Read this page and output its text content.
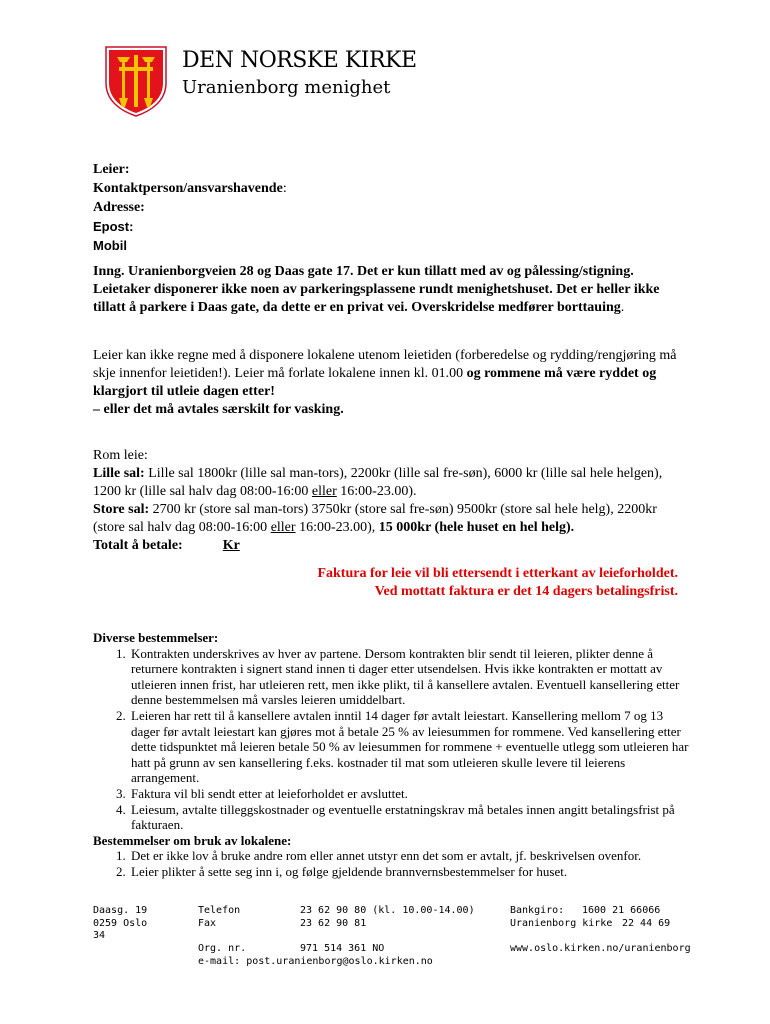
DEN NORSKE KIRKE
Uranienborg menighet
Leier:
Kontaktperson/ansvarshavende:
Adresse:
Epost:
Mobil
Inng. Uranienborgveien 28 og Daas gate 17. Det er kun tillatt med av og pålessing/stigning. Leietaker disponerer ikke noen av parkeringsplassene rundt menighetshuset. Det er heller ikke tillatt å parkere i Daas gate, da dette er en privat vei. Overskridelse medfører borttauing.
Leier kan ikke regne med å disponere lokalene utenom leietiden (forberedelse og rydding/rengjøring må skje innenfor leietiden!). Leier må forlate lokalene innen kl. 01.00 og rommene må være ryddet og klargjort til utleie dagen etter!
– eller det må avtales særskilt for vasking.
Rom leie:
Lille sal: Lille sal 1800kr (lille sal man-tors), 2200kr (lille sal fre-søn), 6000 kr (lille sal hele helgen), 1200 kr (lille sal halv dag 08:00-16:00 eller 16:00-23.00).
Store sal: 2700 kr (store sal man-tors) 3750kr (store sal fre-søn) 9500kr (store sal hele helg), 2200kr (store sal halv dag 08:00-16:00 eller 16:00-23.00), 15 000kr (hele huset en hel helg).
Totalt å betale:	Kr
Faktura for leie vil bli ettersendt i etterkant av leieforholdet.
Ved mottatt faktura er det 14 dagers betalingsfrist.
Diverse bestemmelser:
1. Kontrakten underskrives av hver av partene. Dersom kontrakten blir sendt til leieren, plikter denne å returnere kontrakten i signert stand innen ti dager etter utsendelsen. Hvis ikke kontrakten er mottatt av utleieren innen frist, har utleieren rett, men ikke plikt, til å kansellere avtalen. Eventuell kansellering etter denne bestemmelsen må varsles leieren umiddelbart.
2. Leieren har rett til å kansellere avtalen inntil 14 dager før avtalt leiestart. Kansellering mellom 7 og 13 dager før avtalt leiestart kan gjøres mot å betale 25 % av leiesummen for rommene. Ved kansellering etter dette tidspunktet må leieren betale 50 % av leiesummen for rommene + eventuelle utlegg som utleieren har hatt på grunn av sen kansellering f.eks. kostnader til mat som utleieren skulle levere til leierens arrangement.
3. Faktura vil bli sendt etter at leieforholdet er avsluttet.
4. Leiesum, avtalte tilleggskostnader og eventuelle erstatningskrav må betales innen angitt betalingsfrist på fakturaen.
Bestemmelser om bruk av lokalene:
1. Det er ikke lov å bruke andre rom eller annet utstyr enn det som er avtalt, jf. beskrivelsen ovenfor.
2. Leier plikter å sette seg inn i, og følge gjeldende brannvernsbestemmelser for huset.
Daasg. 19
0259 Oslo
34
Telefon
Fax
23 62 90 80 (kl. 10.00-14.00)
23 62 90 81
Org. nr.	971 514 361 NO
e-mail: post.uranienborg@oslo.kirken.no
Bankgiro: 1600 21 66066
Uranienborg kirke 22 44 69
www.oslo.kirken.no/uranienborg
